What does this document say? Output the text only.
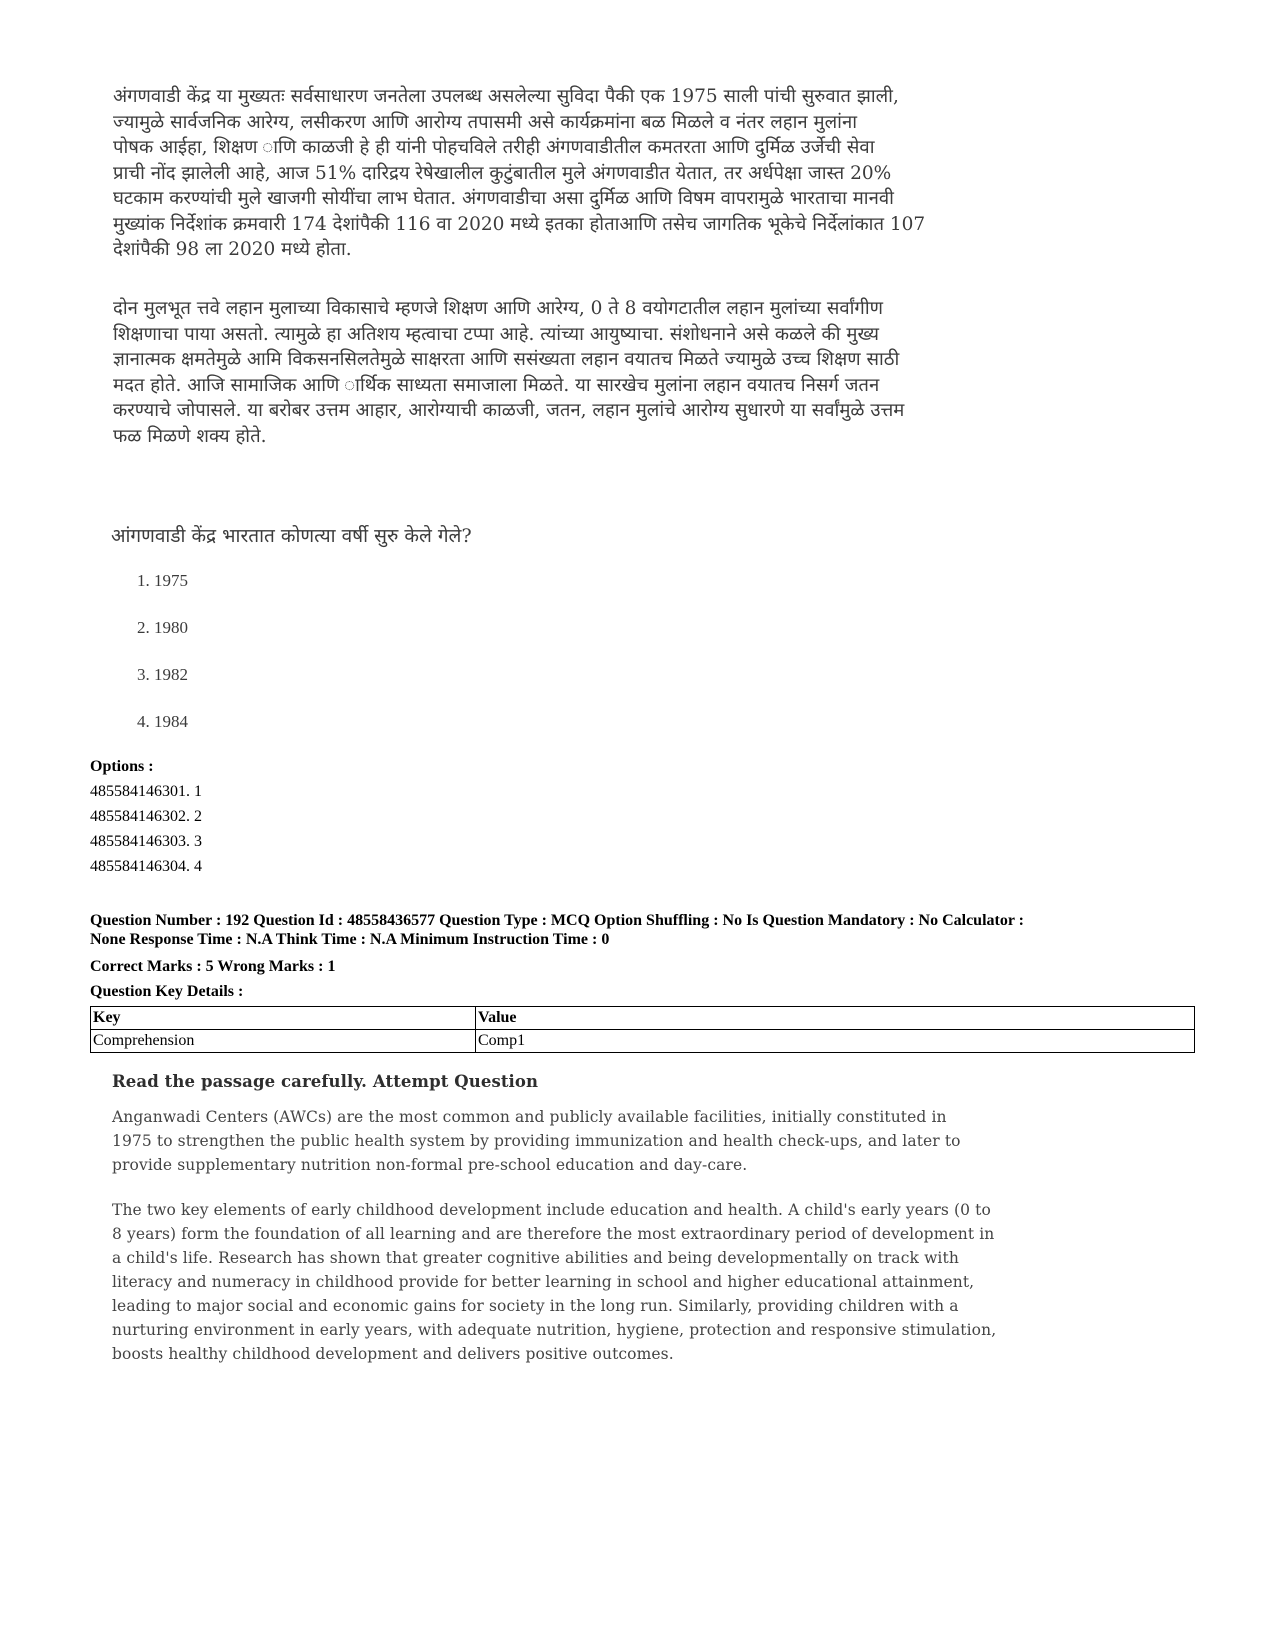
अंगणवाडी केंद्र या मुख्यतः सर्वसाधारण जनतेला उपलब्ध असलेल्या सुविदा पैकी एक 1975 साली पांची सुरुवात झाली,

ज्यामुळे सार्वजनिक आरेग्य, लसीकरण आणि आरोग्य तपासमी असे कार्यक्रमांना बळ मिळले व नंतर लहान मुलांना

पोषक आईहा, शिक्षण ाणि काळजी हे ही यांनी पोहचविले तरीही अंगणवाडीतील कमतरता आणि दुर्मिळ उर्जेची सेवा

प्राची नोंद झालेली आहे, आज 51% दारिद्रय रेषेखालील कुटुंबातील मुले अंगणवाडीत येतात, तर अर्धपेक्षा जास्त 20%

घटकाम करण्यांची मुले खाजगी सोयींचा लाभ घेतात. अंगणवाडीचा असा दुर्मिळ आणि विषम वापरामुळे भारताचा मानवी

मुख्यांक निर्देशांक क्रमवारी 174 देशांपैकी 116 वा 2020 मध्ये इतका होताआणि तसेच जागतिक भूकेचे निर्देलांकात 107

देशांपैकी 98 ला 2020 मध्ये होता.

दोन मुलभूत त्तवे लहान मुलाच्या विकासाचे म्हणजे शिक्षण आणि आरेग्य, 0 ते 8 वयोगटातील लहान मुलांच्या सर्वांगीण

शिक्षणाचा पाया असतो. त्यामुळे हा अतिशय म्हत्वाचा टप्पा आहे. त्यांच्या आयुष्याचा. संशोधनाने असे कळले की मुख्य

ज्ञानात्मक क्षमतेमुळे आमि विकसनसिलतेमुळे साक्षरता आणि ससंख्यता लहान वयातच मिळते ज्यामुळे उच्च शिक्षण साठी

मदत होते. आजि सामाजिक आणि ार्थिक साध्यता समाजाला मिळते. या सारखेच मुलांना लहान वयातच निसर्ग जतन

करण्याचे जोपासले. या बरोबर उत्तम आहार, आरोग्याची काळजी, जतन, लहान मुलांचे आरोग्य सुधारणे या सर्वांमुळे उत्तम

फळ मिळणे शक्य होते.

आंगणवाडी केंद्र भारतात कोणत्या वर्षी सुरु केले गेले?
1. 1975
2. 1980
3. 1982
4. 1984
Options :
485584146301. 1
485584146302. 2
485584146303. 3
485584146304. 4
Question Number : 192 Question Id : 48558436577 Question Type : MCQ Option Shuffling : No Is Question Mandatory : No Calculator :
None Response Time : N.A Think Time : N.A Minimum Instruction Time : 0
Correct Marks : 5 Wrong Marks : 1
Question Key Details :
Key	Value
Comprehension	Comp1
Read the passage carefully. Attempt Question

Anganwadi Centers (AWCs) are the most common and publicly available facilities, initially constituted in

1975 to strengthen the public health system by providing immunization and health check-ups, and later to

provide supplementary nutrition non-formal pre-school education and day-care.

The two key elements of early childhood development include education and health. A child's early years (0 to

8 years) form the foundation of all learning and are therefore the most extraordinary period of development in

a child's life. Research has shown that greater cognitive abilities and being developmentally on track with

literacy and numeracy in childhood provide for better learning in school and higher educational attainment,

leading to major social and economic gains for society in the long run. Similarly, providing children with a

nurturing environment in early years, with adequate nutrition, hygiene, protection and responsive stimulation,

boosts healthy childhood development and delivers positive outcomes.
